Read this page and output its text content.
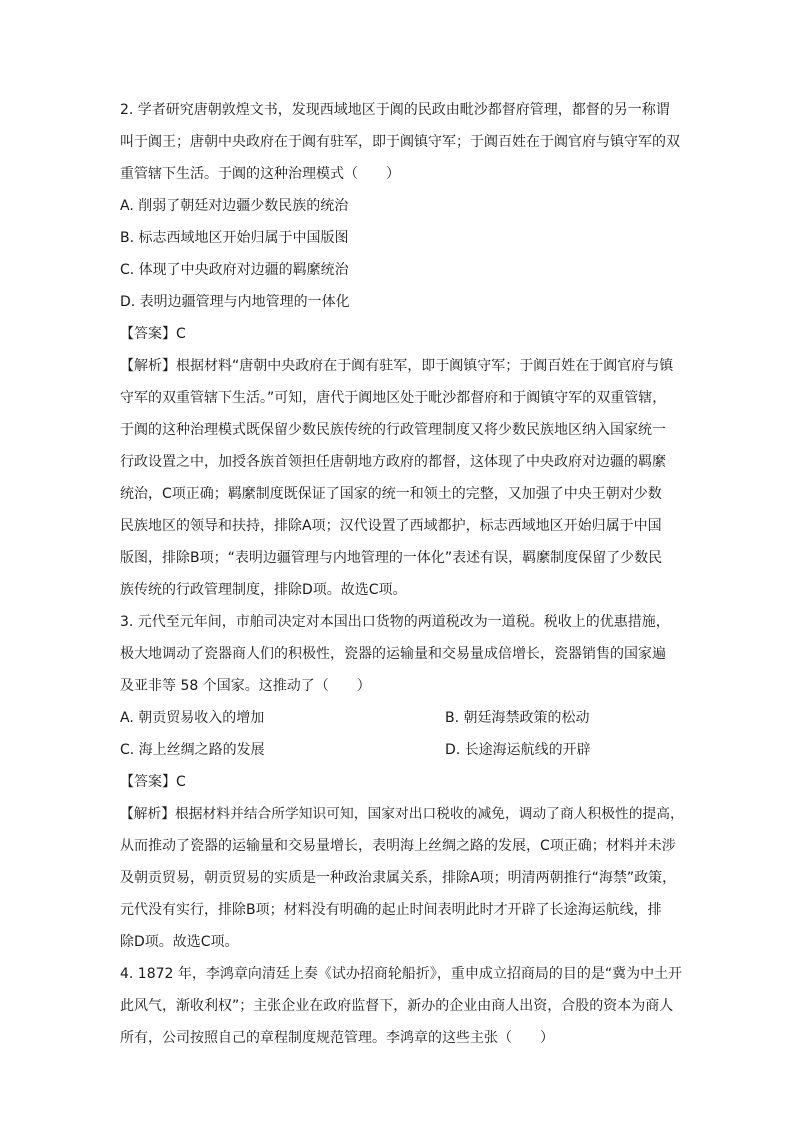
2. 学者研究唐朝敦煌文书，发现西域地区于阗的民政由毗沙都督府管理，都督的另一称谓
叫于阗王；唐朝中央政府在于阗有驻军，即于阗镇守军；于阗百姓在于阗官府与镇守军的双
重管辖下生活。于阗的这种治理模式（　　）
A. 削弱了朝廷对边疆少数民族的统治
B. 标志西域地区开始归属于中国版图
C. 体现了中央政府对边疆的羁縻统治
D. 表明边疆管理与内地管理的一体化
【答案】C
【解析】根据材料“唐朝中央政府在于阗有驻军，即于阗镇守军；于阗百姓在于阗官府与镇
守军的双重管辖下生活。”可知，唐代于阗地区处于毗沙都督府和于阗镇守军的双重管辖，
于阗的这种治理模式既保留少数民族传统的行政管理制度又将少数民族地区纳入国家统一
行政设置之中，加授各族首领担任唐朝地方政府的都督，这体现了中央政府对边疆的羁縻
统治，C项正确；羁縻制度既保证了国家的统一和领土的完整，又加强了中央王朝对少数
民族地区的领导和扶持，排除A项；汉代设置了西域都护，标志西域地区开始归属于中国
版图，排除B项；“表明边疆管理与内地管理的一体化”表述有误，羁縻制度保留了少数民
族传统的行政管理制度，排除D项。故选C项。
3. 元代至元年间，市舶司决定对本国出口货物的两道税改为一道税。税收上的优惠措施，
极大地调动了瓷器商人们的积极性，瓷器的运输量和交易量成倍增长，瓷器销售的国家遍
及亚非等 58 个国家。这推动了（　　）
A. 朝贡贸易收入的增加	B. 朝廷海禁政策的松动
C. 海上丝绸之路的发展	D. 长途海运航线的开辟
【答案】C
【解析】根据材料并结合所学知识可知，国家对出口税收的减免，调动了商人积极性的提高，
从而推动了瓷器的运输量和交易量增长，表明海上丝绸之路的发展，C项正确；材料并未涉
及朝贡贸易，朝贡贸易的实质是一种政治隶属关系，排除A项；明清两朝推行“海禁”政策，
元代没有实行，排除B项；材料没有明确的起止时间表明此时才开辟了长途海运航线，排
除D项。故选C项。
4. 1872 年，李鸿章向清廷上奏《试办招商轮船折》，重申成立招商局的目的是“冀为中土开
此风气，渐收利权”；主张企业在政府监督下，新办的企业由商人出资，合股的资本为商人
所有，公司按照自己的章程制度规范管理。李鸿章的这些主张（　　）
